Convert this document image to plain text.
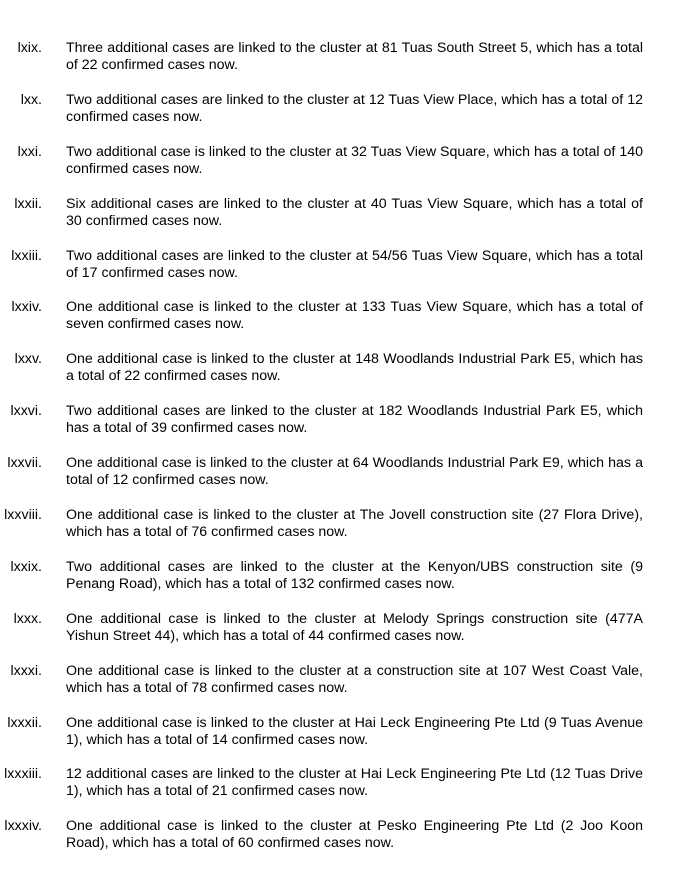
lxix. Three additional cases are linked to the cluster at 81 Tuas South Street 5, which has a total of 22 confirmed cases now.
lxx. Two additional cases are linked to the cluster at 12 Tuas View Place, which has a total of 12 confirmed cases now.
lxxi. Two additional case is linked to the cluster at 32 Tuas View Square, which has a total of 140 confirmed cases now.
lxxii. Six additional cases are linked to the cluster at 40 Tuas View Square, which has a total of 30 confirmed cases now.
lxxiii. Two additional cases are linked to the cluster at 54/56 Tuas View Square, which has a total of 17 confirmed cases now.
lxxiv. One additional case is linked to the cluster at 133 Tuas View Square, which has a total of seven confirmed cases now.
lxxv. One additional case is linked to the cluster at 148 Woodlands Industrial Park E5, which has a total of 22 confirmed cases now.
lxxvi. Two additional cases are linked to the cluster at 182 Woodlands Industrial Park E5, which has a total of 39 confirmed cases now.
lxxvii. One additional case is linked to the cluster at 64 Woodlands Industrial Park E9, which has a total of 12 confirmed cases now.
lxxviii. One additional case is linked to the cluster at The Jovell construction site (27 Flora Drive), which has a total of 76 confirmed cases now.
lxxix. Two additional cases are linked to the cluster at the Kenyon/UBS construction site (9 Penang Road), which has a total of 132 confirmed cases now.
lxxx. One additional case is linked to the cluster at Melody Springs construction site (477A Yishun Street 44), which has a total of 44 confirmed cases now.
lxxxi. One additional case is linked to the cluster at a construction site at 107 West Coast Vale, which has a total of 78 confirmed cases now.
lxxxii. One additional case is linked to the cluster at Hai Leck Engineering Pte Ltd (9 Tuas Avenue 1), which has a total of 14 confirmed cases now.
lxxxiii. 12 additional cases are linked to the cluster at Hai Leck Engineering Pte Ltd (12 Tuas Drive 1), which has a total of 21 confirmed cases now.
lxxxiv. One additional case is linked to the cluster at Pesko Engineering Pte Ltd (2 Joo Koon Road), which has a total of 60 confirmed cases now.
